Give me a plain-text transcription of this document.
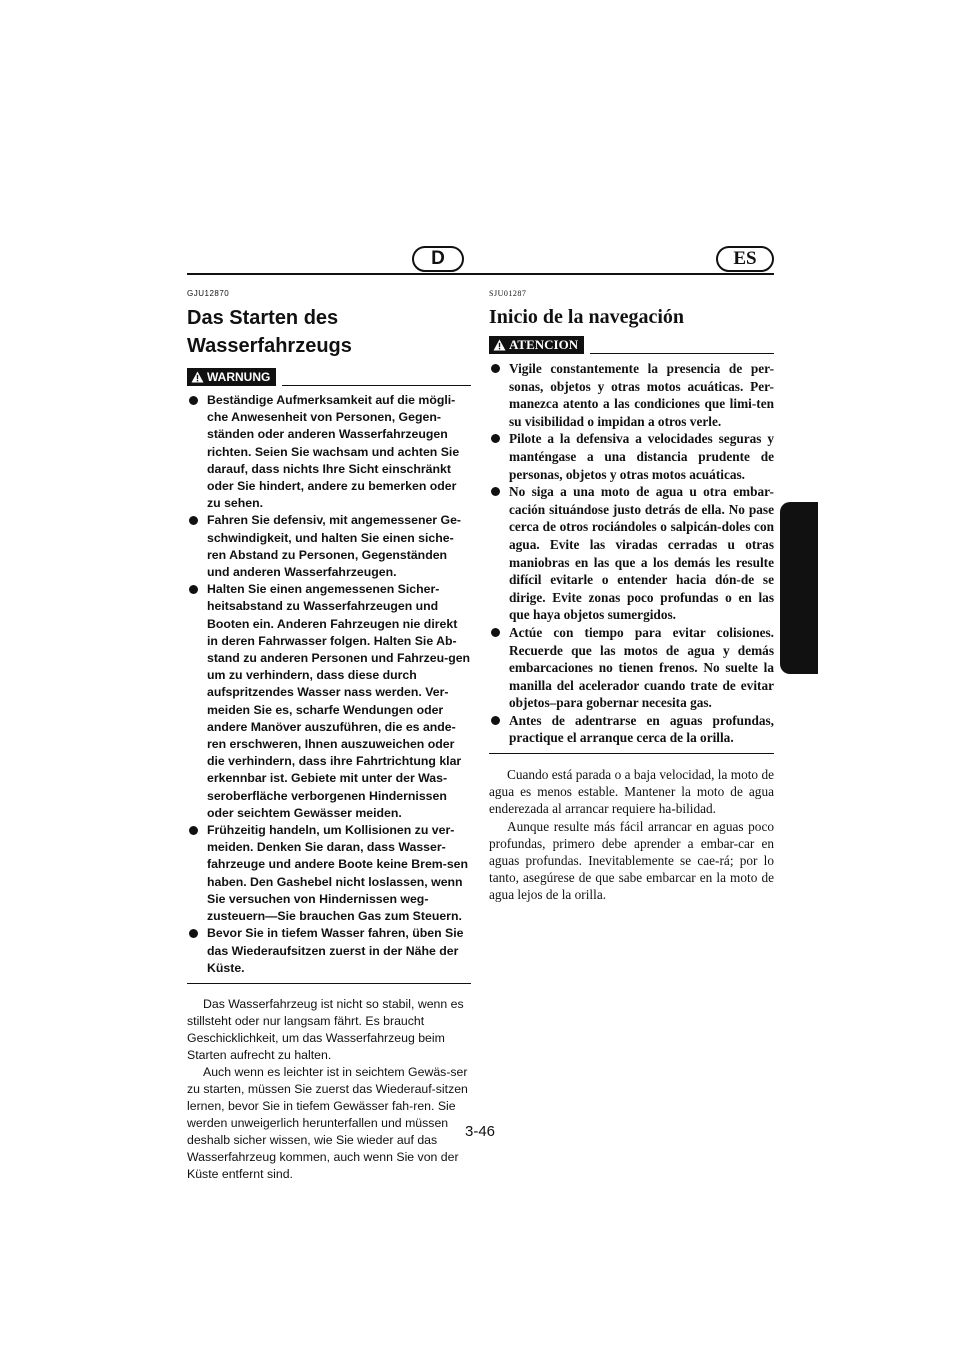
D	ES
GJU12870
Das Starten des
Wasserfahrzeugs
WARNUNG
Beständige Aufmerksamkeit auf die mögli-che Anwesenheit von Personen, Gegen-ständen oder anderen Wasserfahrzeugen richten. Seien Sie wachsam und achten Sie darauf, dass nichts Ihre Sicht einschränkt oder Sie hindert, andere zu bemerken oder zu sehen.
Fahren Sie defensiv, mit angemessener Ge-schwindigkeit, und halten Sie einen siche-ren Abstand zu Personen, Gegenständen und anderen Wasserfahrzeugen.
Halten Sie einen angemessenen Sicher-heitsabstand zu Wasserfahrzeugen und Booten ein. Anderen Fahrzeugen nie direkt in deren Fahrwasser folgen. Halten Sie Ab-stand zu anderen Personen und Fahrzeu-gen um zu verhindern, dass diese durch aufspritzendes Wasser nass werden. Ver-meiden Sie es, scharfe Wendungen oder andere Manöver auszuführen, die es ande-ren erschweren, Ihnen auszuweichen oder die verhindern, dass ihre Fahrtrichtung klar erkennbar ist. Gebiete mit unter der Was-seroberfläche verborgenen Hindernissen oder seichtem Gewässer meiden.
Frühzeitig handeln, um Kollisionen zu ver-meiden. Denken Sie daran, dass Wasser-fahrzeuge und andere Boote keine Brem-sen haben. Den Gashebel nicht loslassen, wenn Sie versuchen von Hindernissen weg-zusteuern—Sie brauchen Gas zum Steuern.
Bevor Sie in tiefem Wasser fahren, üben Sie das Wiederaufsitzen zuerst in der Nähe der Küste.

Das Wasserfahrzeug ist nicht so stabil, wenn es stillsteht oder nur langsam fährt. Es braucht Geschicklichkeit, um das Wasserfahrzeug beim Starten aufrecht zu halten.

Auch wenn es leichter ist in seichtem Gewäs-ser zu starten, müssen Sie zuerst das Wiederauf-sitzen lernen, bevor Sie in tiefem Gewässer fah-ren. Sie werden unweigerlich herunterfallen und müssen deshalb sicher wissen, wie Sie wieder auf das Wasserfahrzeug kommen, auch wenn Sie von der Küste entfernt sind.

SJU01287
Inicio de la navegación
ATENCION
Vigile constantemente la presencia de per-sonas, objetos y otras motos acuáticas. Per-manezca atento a las condiciones que limi-ten su visibilidad o impidan a otros verle.
Pilote a la defensiva a velocidades seguras y manténgase a una distancia prudente de personas, objetos y otras motos acuáticas.
No siga a una moto de agua u otra embar-cación situándose justo detrás de ella. No pase cerca de otros rociándoles o salpicán-doles con agua. Evite las viradas cerradas u otras maniobras en las que a los demás les resulte difícil evitarle o entender hacia dón-de se dirige. Evite zonas poco profundas o en las que haya objetos sumergidos.
Actúe con tiempo para evitar colisiones. Recuerde que las motos de agua y demás embarcaciones no tienen frenos. No suelte la manilla del acelerador cuando trate de evitar objetos–para gobernar necesita gas.
Antes de adentrarse en aguas profundas, practique el arranque cerca de la orilla.

Cuando está parada o a baja velocidad, la moto de agua es menos estable. Mantener la moto de agua enderezada al arrancar requiere ha-bilidad.

Aunque resulte más fácil arrancar en aguas poco profundas, primero debe aprender a embar-car en aguas profundas. Inevitablemente se cae-rá; por lo tanto, asegúrese de que sabe embarcar en la moto de agua lejos de la orilla.

3-46
